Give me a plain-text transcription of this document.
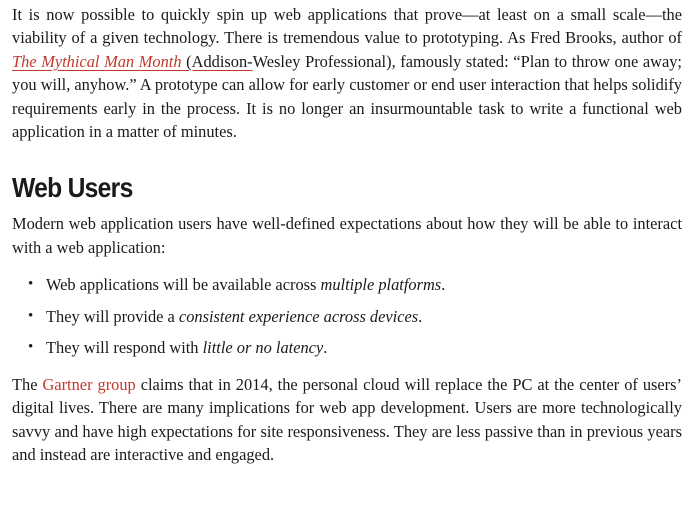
It is now possible to quickly spin up web applications that prove—at least on a small scale—the viability of a given technology. There is tremendous value to prototyping. As Fred Brooks, author of The Mythical Man Month (Addison-Wesley Professional), famously stated: “Plan to throw one away; you will, anyhow.” A prototype can allow for early customer or end user interaction that helps solidify requirements early in the process. It is no longer an insurmountable task to write a functional web application in a matter of minutes.

Web Users

Modern web application users have well-defined expectations about how they will be able to interact with a web application:

• Web applications will be available across multiple platforms.
• They will provide a consistent experience across devices.
• They will respond with little or no latency.

The Gartner group claims that in 2014, the personal cloud will replace the PC at the center of users’ digital lives. There are many implications for web app development. Users are more technologically savvy and have high expectations for site responsiveness. They are less passive than in previous years and instead are interactive and engaged.
